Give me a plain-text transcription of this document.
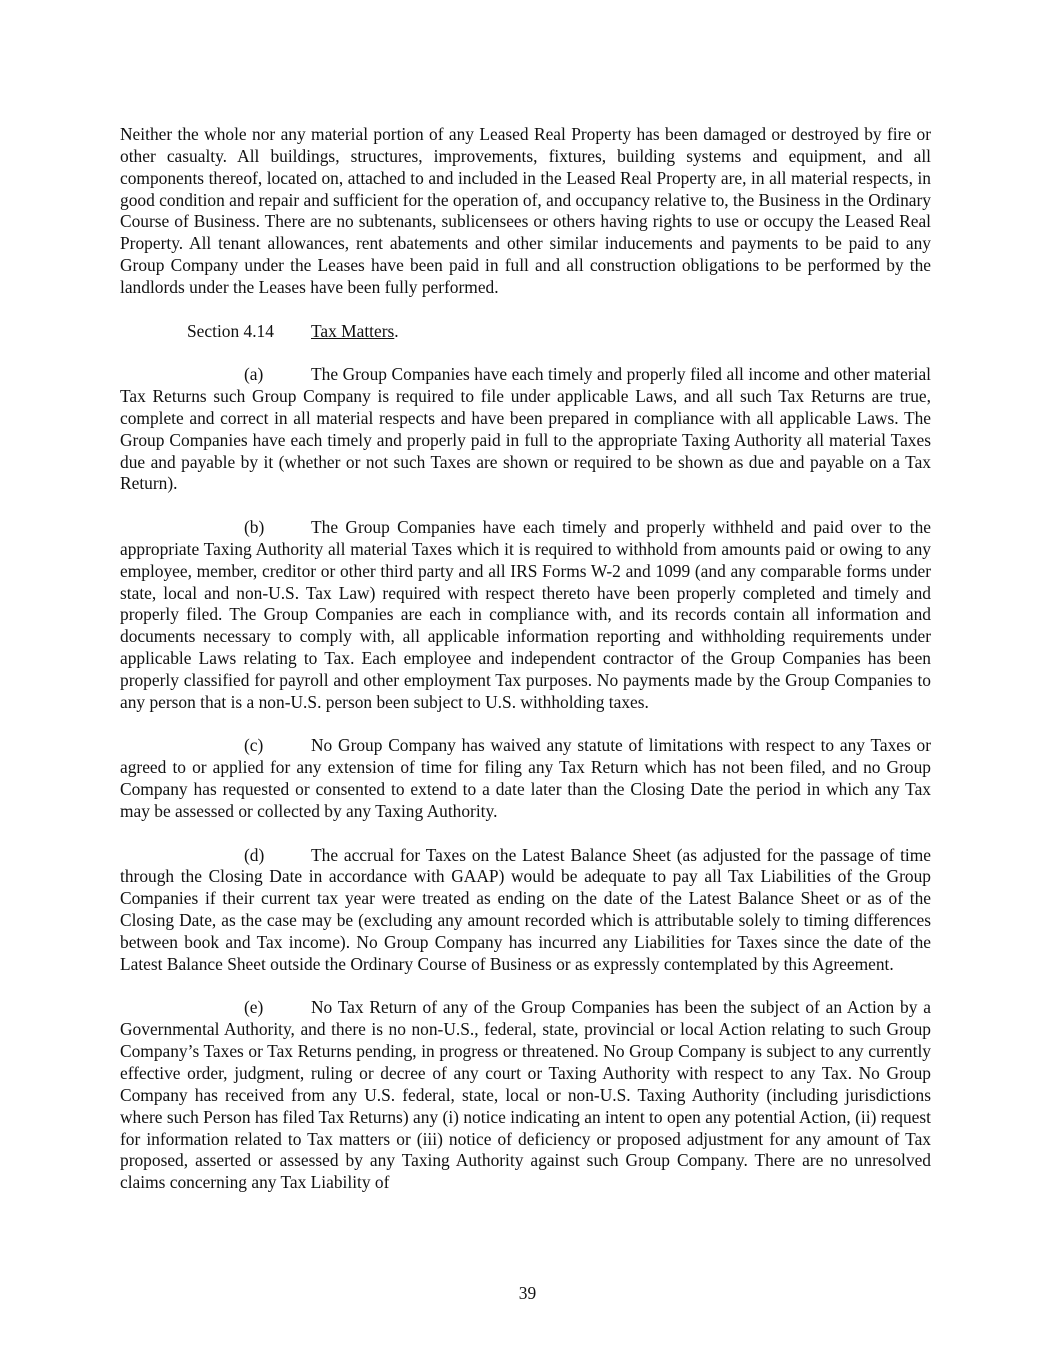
Neither the whole nor any material portion of any Leased Real Property has been damaged or destroyed by fire or other casualty. All buildings, structures, improvements, fixtures, building systems and equipment, and all components thereof, located on, attached to and included in the Leased Real Property are, in all material respects, in good condition and repair and sufficient for the operation of, and occupancy relative to, the Business in the Ordinary Course of Business. There are no subtenants, sublicensees or others having rights to use or occupy the Leased Real Property. All tenant allowances, rent abatements and other similar inducements and payments to be paid to any Group Company under the Leases have been paid in full and all construction obligations to be performed by the landlords under the Leases have been fully performed.

Section 4.14 Tax Matters.

(a)	The Group Companies have each timely and properly filed all income and other material Tax Returns such Group Company is required to file under applicable Laws, and all such Tax Returns are true, complete and correct in all material respects and have been prepared in compliance with all applicable Laws. The Group Companies have each timely and properly paid in full to the appropriate Taxing Authority all material Taxes due and payable by it (whether or not such Taxes are shown or required to be shown as due and payable on a Tax Return).

(b)	The Group Companies have each timely and properly withheld and paid over to the appropriate Taxing Authority all material Taxes which it is required to withhold from amounts paid or owing to any employee, member, creditor or other third party and all IRS Forms W-2 and 1099 (and any comparable forms under state, local and non-U.S. Tax Law) required with respect thereto have been properly completed and timely and properly filed. The Group Companies are each in compliance with, and its records contain all information and documents necessary to comply with, all applicable information reporting and withholding requirements under applicable Laws relating to Tax. Each employee and independent contractor of the Group Companies has been properly classified for payroll and other employment Tax purposes. No payments made by the Group Companies to any person that is a non-U.S. person been subject to U.S. withholding taxes.

(c)	No Group Company has waived any statute of limitations with respect to any Taxes or agreed to or applied for any extension of time for filing any Tax Return which has not been filed, and no Group Company has requested or consented to extend to a date later than the Closing Date the period in which any Tax may be assessed or collected by any Taxing Authority.

(d)	The accrual for Taxes on the Latest Balance Sheet (as adjusted for the passage of time through the Closing Date in accordance with GAAP) would be adequate to pay all Tax Liabilities of the Group Companies if their current tax year were treated as ending on the date of the Latest Balance Sheet or as of the Closing Date, as the case may be (excluding any amount recorded which is attributable solely to timing differences between book and Tax income). No Group Company has incurred any Liabilities for Taxes since the date of the Latest Balance Sheet outside the Ordinary Course of Business or as expressly contemplated by this Agreement.

(e)	No Tax Return of any of the Group Companies has been the subject of an Action by a Governmental Authority, and there is no non-U.S., federal, state, provincial or local Action relating to such Group Company’s Taxes or Tax Returns pending, in progress or threatened. No Group Company is subject to any currently effective order, judgment, ruling or decree of any court or Taxing Authority with respect to any Tax. No Group Company has received from any U.S. federal, state, local or non-U.S. Taxing Authority (including jurisdictions where such Person has filed Tax Returns) any (i) notice indicating an intent to open any potential Action, (ii) request for information related to Tax matters or (iii) notice of deficiency or proposed adjustment for any amount of Tax proposed, asserted or assessed by any Taxing Authority against such Group Company. There are no unresolved claims concerning any Tax Liability of

39
